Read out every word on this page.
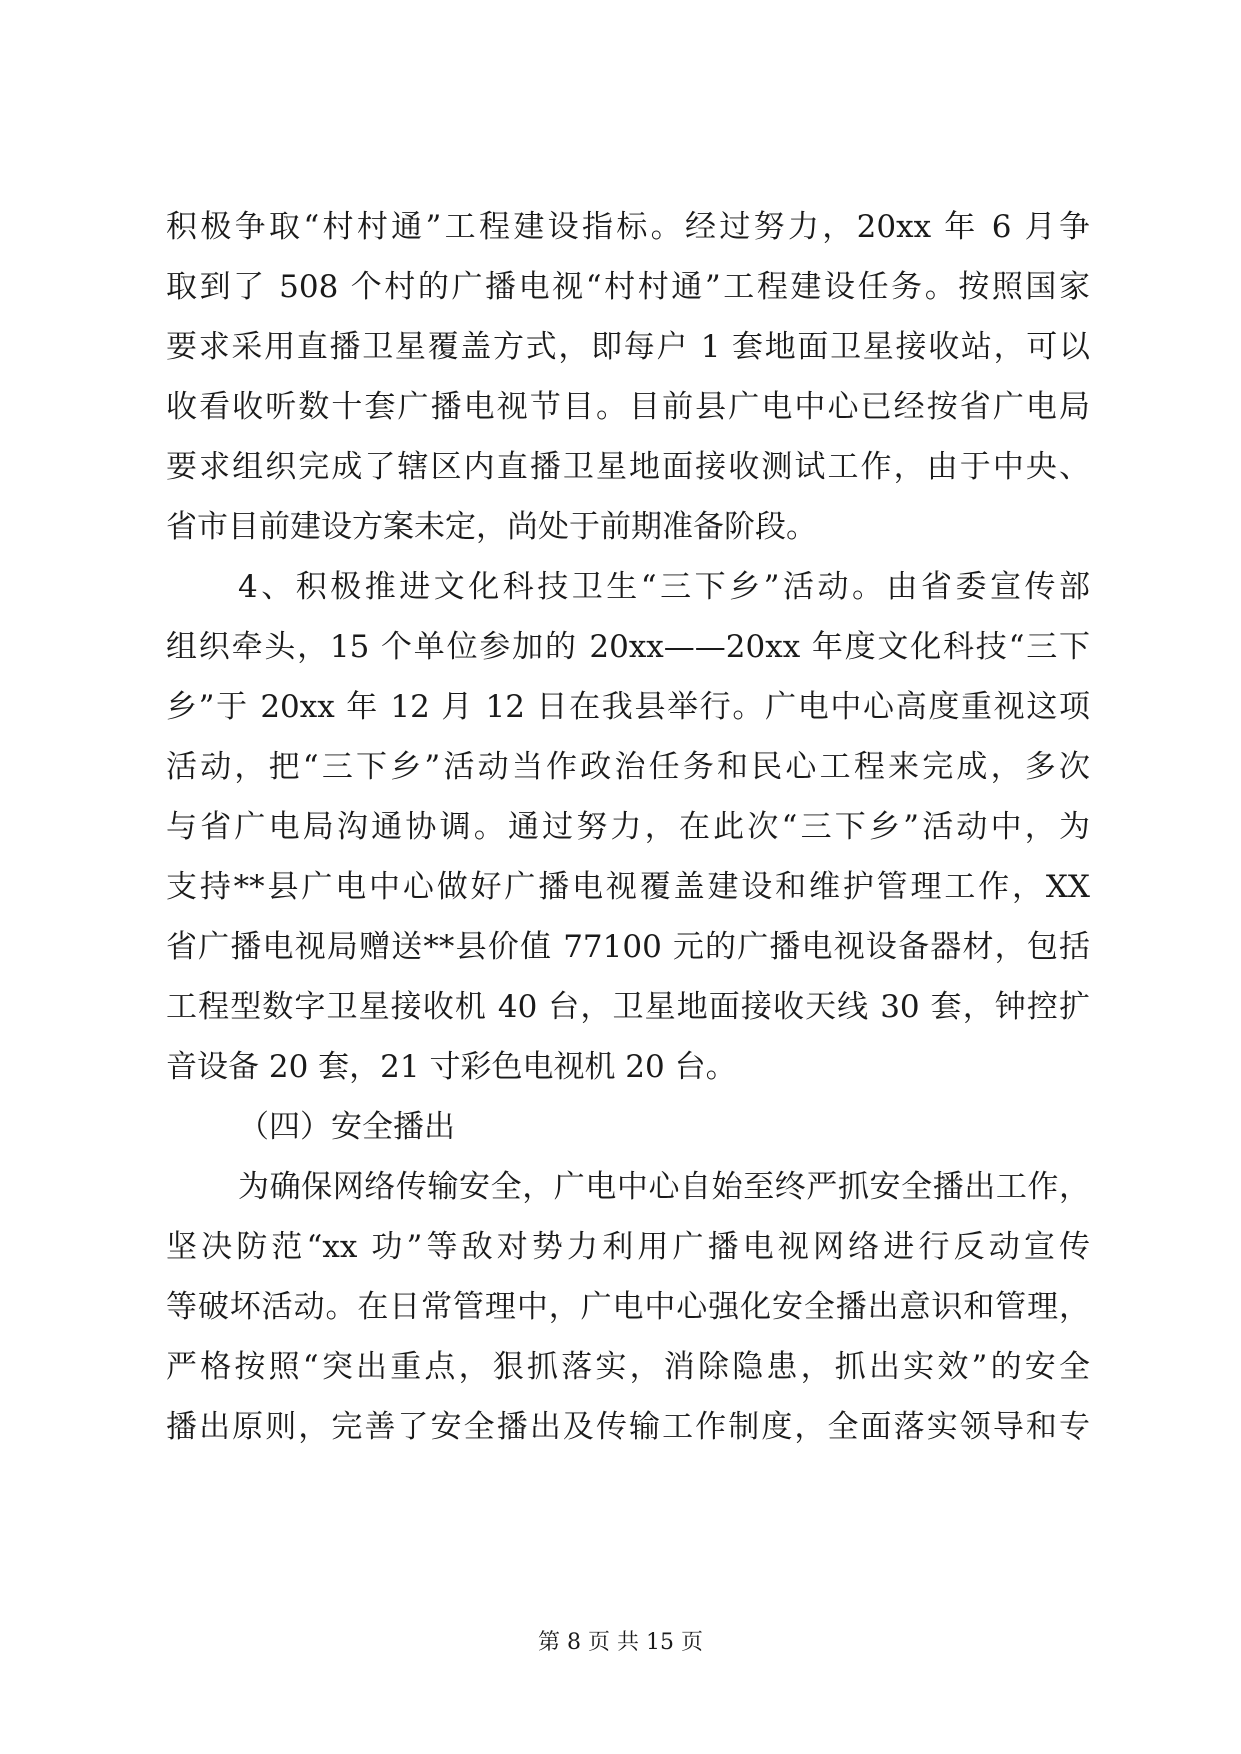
积极争取“村村通”工程建设指标。经过努力，20xx 年 6 月争
取到了 508 个村的广播电视“村村通”工程建设任务。按照国家
要求采用直播卫星覆盖方式，即每户 1 套地面卫星接收站，可以
收看收听数十套广播电视节目。目前县广电中心已经按省广电局
要求组织完成了辖区内直播卫星地面接收测试工作，由于中央、
省市目前建设方案未定，尚处于前期准备阶段。
4、积极推进文化科技卫生“三下乡”活动。由省委宣传部
组织牵头，15 个单位参加的 20xx——20xx 年度文化科技“三下
乡”于 20xx 年 12 月 12 日在我县举行。广电中心高度重视这项
活动，把“三下乡”活动当作政治任务和民心工程来完成，多次
与省广电局沟通协调。通过努力，在此次“三下乡”活动中，为
支持**县广电中心做好广播电视覆盖建设和维护管理工作，XX
省广播电视局赠送**县价值 77100 元的广播电视设备器材，包括
工程型数字卫星接收机 40 台，卫星地面接收天线 30 套，钟控扩
音设备 20 套，21 寸彩色电视机 20 台。
（四）安全播出
为确保网络传输安全，广电中心自始至终严抓安全播出工作，
坚决防范“xx 功”等敌对势力利用广播电视网络进行反动宣传
等破坏活动。在日常管理中，广电中心强化安全播出意识和管理，
严格按照“突出重点，狠抓落实，消除隐患，抓出实效”的安全
播出原则，完善了安全播出及传输工作制度，全面落实领导和专
第 8 页 共 15 页
